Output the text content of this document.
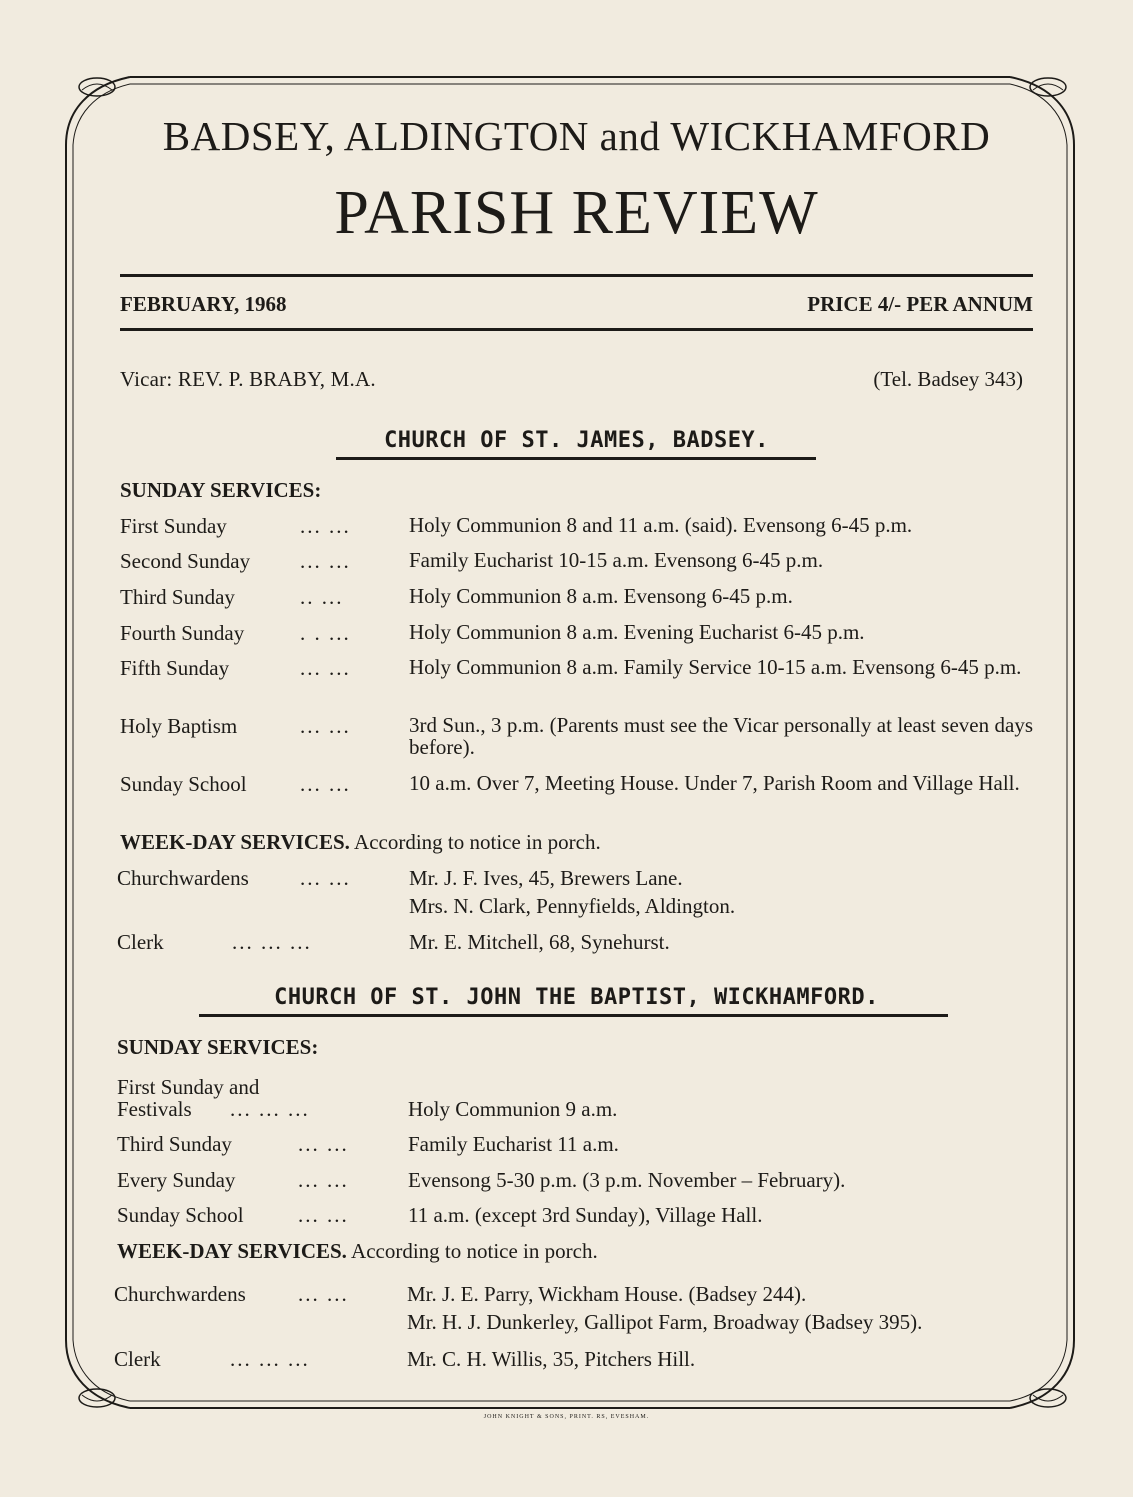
BADSEY, ALDINGTON and WICKHAMFORD
PARISH REVIEW
FEBRUARY, 1968	PRICE 4/- PER ANNUM
Vicar: REV. P. BRABY, M.A.	(Tel. Badsey 343)
CHURCH OF ST. JAMES, BADSEY.
SUNDAY SERVICES:
First Sunday	... ...	Holy Communion 8 and 11 a.m. (said). Evensong 6-45 p.m.
Second Sunday ... ...	Family Eucharist 10-15 a.m. Evensong 6-45 p.m.
Third Sunday	.. ...	Holy Communion 8 a.m. Evensong 6-45 p.m.
Fourth Sunday	. . ...	Holy Communion 8 a.m. Evening Eucharist 6-45 p.m.
Fifth Sunday	... ...	Holy Communion 8 a.m. Family Service 10-15 a.m. Evensong 6-45 p.m.
Holy Baptism	... ...	3rd Sun., 3 p.m. (Parents must see the Vicar personally at least seven days before).
Sunday School	... ...	10 a.m. Over 7, Meeting House. Under 7, Parish Room and Village Hall.
WEEK-DAY SERVICES. According to notice in porch.
Churchwardens ... ...	Mr. J. F. Ives, 45, Brewers Lane.
Mrs. N. Clark, Pennyfields, Aldington.
Clerk	... ... ...	Mr. E. Mitchell, 68, Synehurst.
CHURCH OF ST. JOHN THE BAPTIST, WICKHAMFORD.
SUNDAY SERVICES:
First Sunday and
Festivals ... ... ...	Holy Communion 9 a.m.
Third Sunday	... ...	Family Eucharist 11 a.m.
Every Sunday	... ...	Evensong 5-30 p.m. (3 p.m. November – February).
Sunday School	... ...	11 a.m. (except 3rd Sunday), Village Hall.
WEEK-DAY SERVICES. According to notice in porch.
Churchwardens ... ...	Mr. J. E. Parry, Wickham House. (Badsey 244).
Mr. H. J. Dunkerley, Gallipot Farm, Broadway (Badsey 395).
Clerk	... ... ...	Mr. C. H. Willis, 35, Pitchers Hill.
JOHN KNIGHT & SONS, PRINT. RS, EVESHAM.
